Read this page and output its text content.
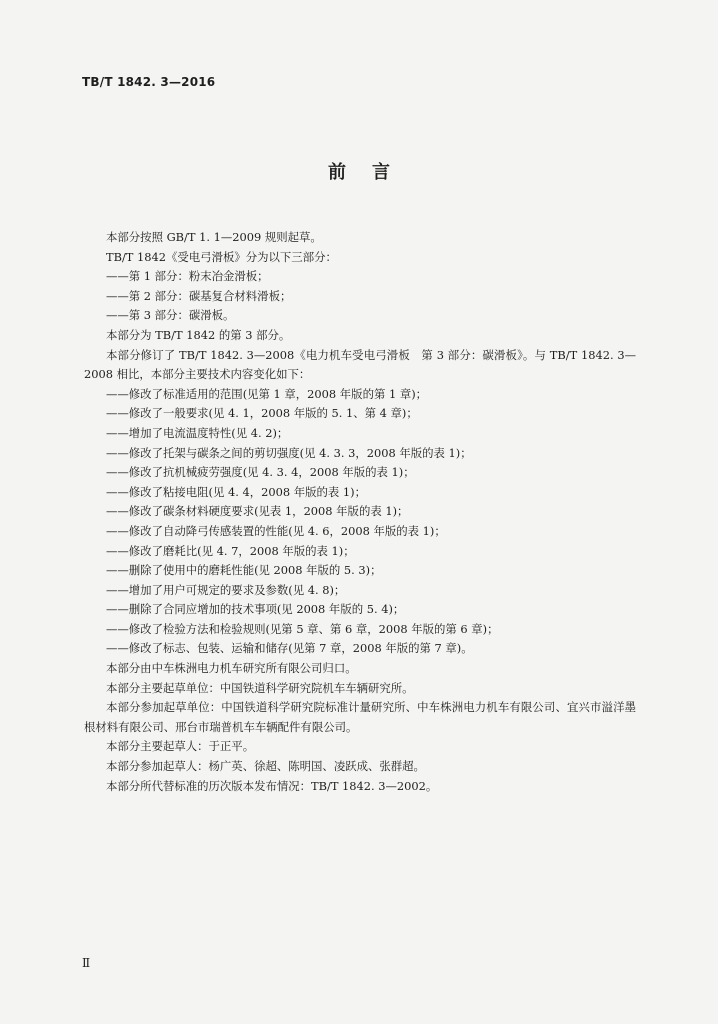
TB/T 1842. 3—2016
前言

本部分按照 GB/T 1. 1—2009 规则起草。

TB/T 1842《受电弓滑板》分为以下三部分：

——第 1 部分：粉末冶金滑板；

——第 2 部分：碳基复合材料滑板；

——第 3 部分：碳滑板。

本部分为 TB/T 1842 的第 3 部分。

本部分修订了 TB/T 1842. 3—2008《电力机车受电弓滑板　第 3 部分：碳滑板》。与 TB/T 1842. 3—2008 相比，本部分主要技术内容变化如下：

——修改了标准适用的范围(见第 1 章，2008 年版的第 1 章)；

——修改了一般要求(见 4. 1，2008 年版的 5. 1、第 4 章)；

——增加了电流温度特性(见 4. 2)；

——修改了托架与碳条之间的剪切强度(见 4. 3. 3，2008 年版的表 1)；

——修改了抗机械疲劳强度(见 4. 3. 4，2008 年版的表 1)；

——修改了粘接电阻(见 4. 4，2008 年版的表 1)；

——修改了碳条材料硬度要求(见表 1，2008 年版的表 1)；

——修改了自动降弓传感装置的性能(见 4. 6，2008 年版的表 1)；

——修改了磨耗比(见 4. 7，2008 年版的表 1)；

——删除了使用中的磨耗性能(见 2008 年版的 5. 3)；

——增加了用户可规定的要求及参数(见 4. 8)；

——删除了合同应增加的技术事项(见 2008 年版的 5. 4)；

——修改了检验方法和检验规则(见第 5 章、第 6 章，2008 年版的第 6 章)；

——修改了标志、包装、运输和储存(见第 7 章，2008 年版的第 7 章)。

本部分由中车株洲电力机车研究所有限公司归口。

本部分主要起草单位：中国铁道科学研究院机车车辆研究所。

本部分参加起草单位：中国铁道科学研究院标准计量研究所、中车株洲电力机车有限公司、宜兴市溢洋墨根材料有限公司、邢台市瑞普机车车辆配件有限公司。

本部分主要起草人：于正平。

本部分参加起草人：杨广英、徐超、陈明国、凌跃成、张群超。

本部分所代替标准的历次版本发布情况：TB/T 1842. 3—2002。

Ⅱ
